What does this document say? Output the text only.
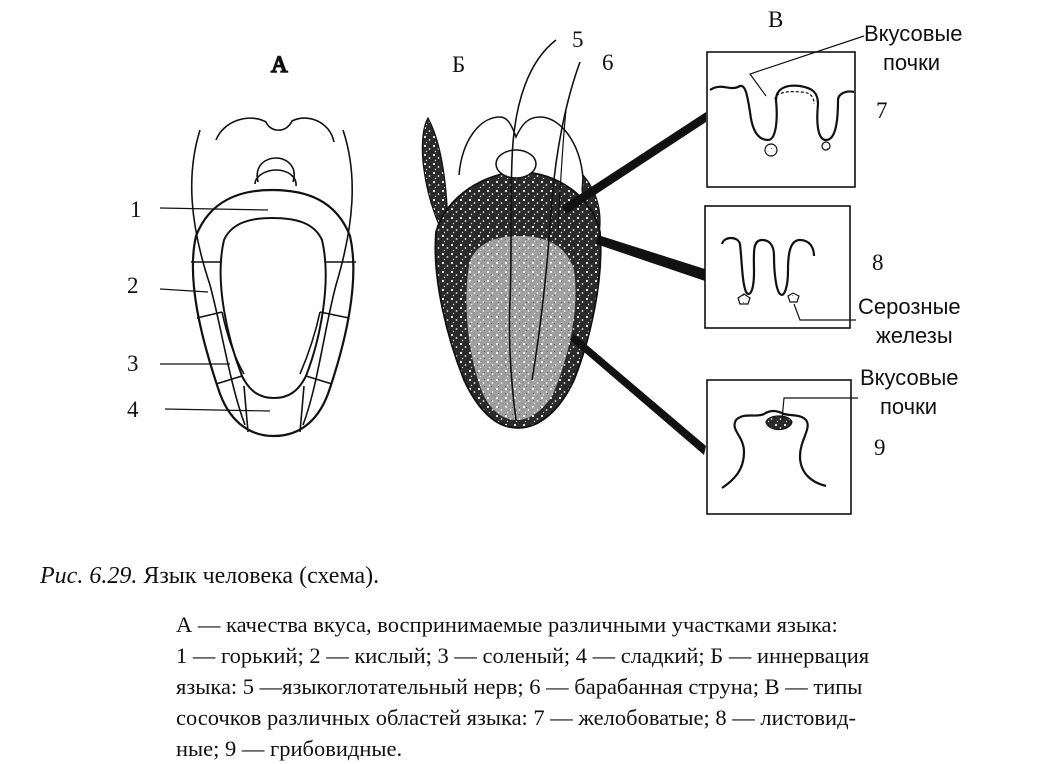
А
1
2
3
4
Б
5
6
В
Вкусовые
почки
7
8
Серозные
железы
Вкусовые
почки
9
Рис. 6.29. Язык человека (схема).

А — качества вкуса, воспринимаемые различными участками языка:

1 — горький; 2 — кислый; 3 — соленый; 4 — сладкий; Б — иннервация

языка: 5 —языкоглотательный нерв; 6 — барабанная струна; В — типы

сосочков различных областей языка: 7 — желобоватые; 8 — листовид-

ные; 9 — грибовидные.
